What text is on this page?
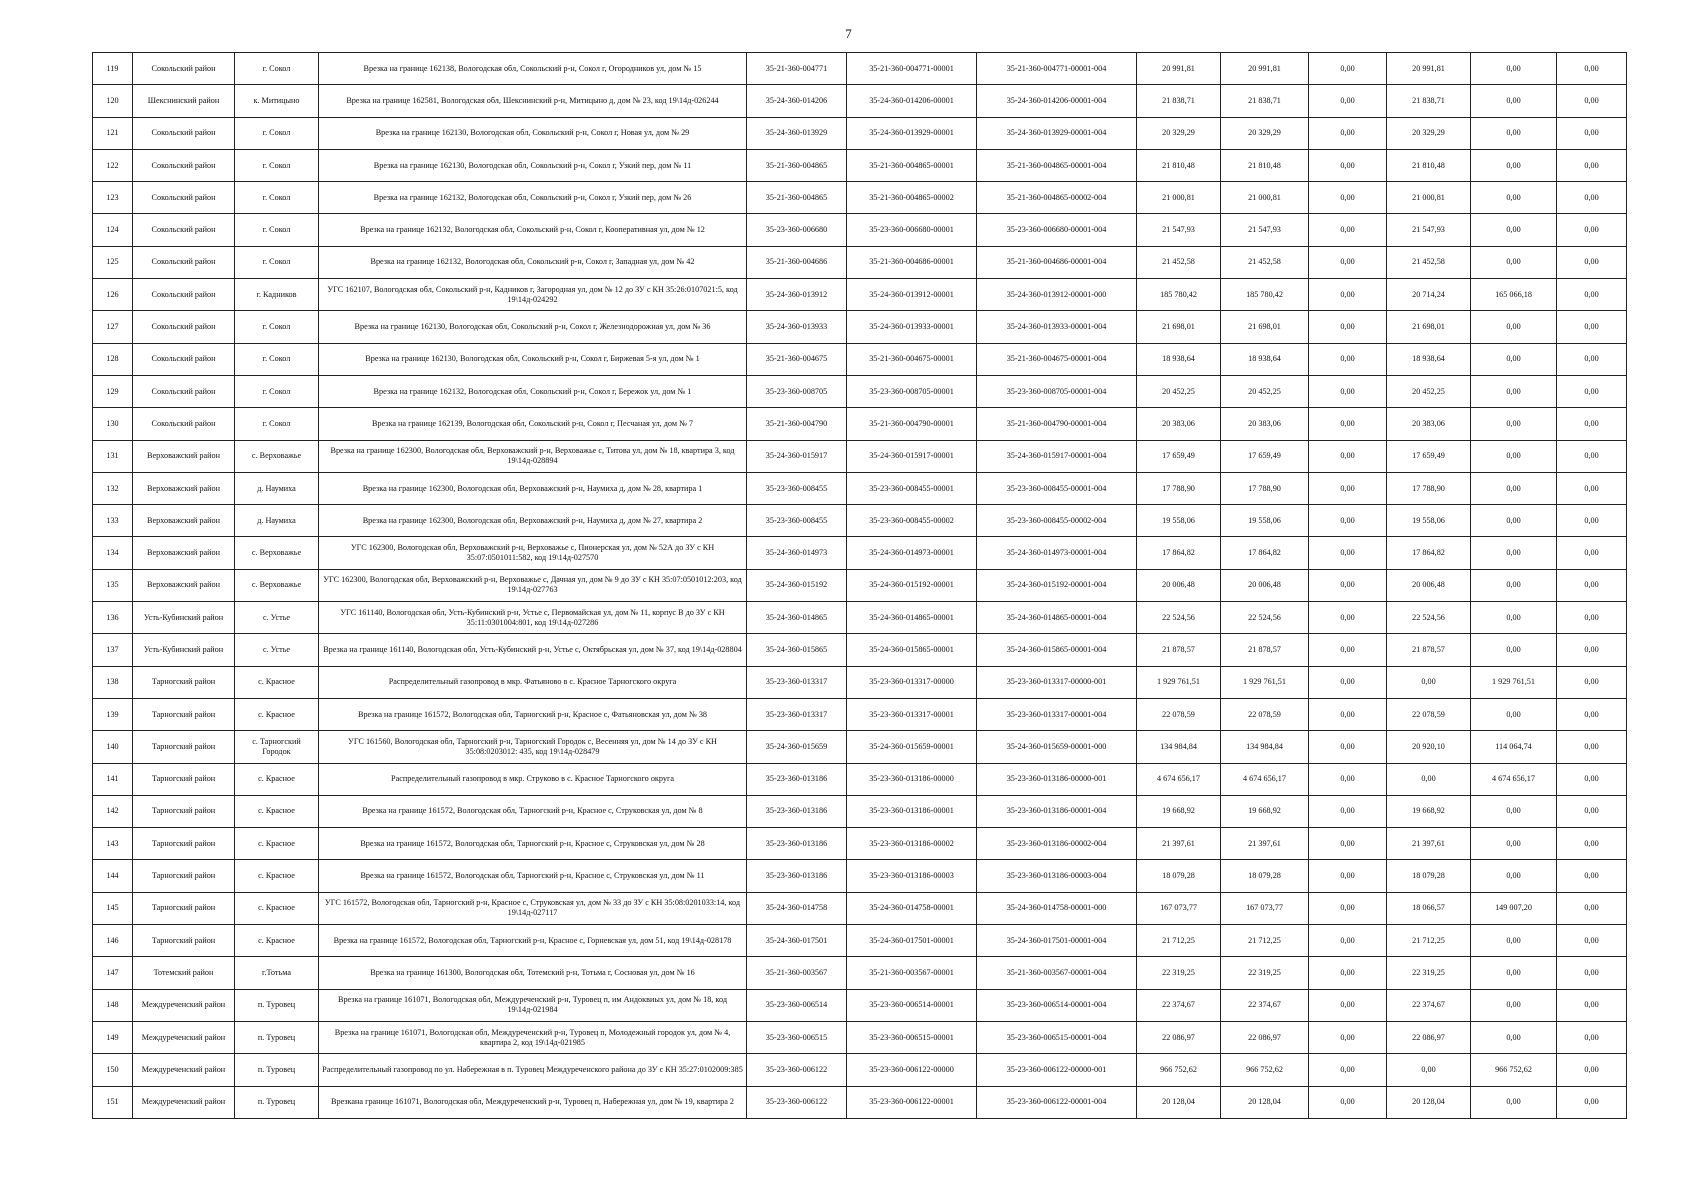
7
119	Сокольский район	г. Сокол	Врезка на границе 162138, Вологодская обл, Сокольский р-н, Сокол г, Огородников ул, дом № 15	35-21-360-004771	35-21-360-004771-00001	35-21-360-004771-00001-004	20 991,81	20 991,81	0,00	20 991,81	0,00	0,00
120	Шекснинский район	к. Митицыно	Врезка на границе 162581, Вологодская обл, Шекснинский р-н, Митицыно д, дом № 23, код 19\14д-026244	35-24-360-014206	35-24-360-014206-00001	35-24-360-014206-00001-004	21 838,71	21 838,71	0,00	21 838,71	0,00	0,00
121	Сокольский район	г. Сокол	Врезка на границе 162130, Вологодская обл, Сокольский р-н, Сокол г, Новая ул, дом № 29	35-24-360-013929	35-24-360-013929-00001	35-24-360-013929-00001-004	20 329,29	20 329,29	0,00	20 329,29	0,00	0,00
122	Сокольский район	г. Сокол	Врезка на границе 162130, Вологодская обл, Сокольский р-н, Сокол г, Узкий пер, дом № 11	35-21-360-004865	35-21-360-004865-00001	35-21-360-004865-00001-004	21 810,48	21 810,48	0,00	21 810,48	0,00	0,00
123	Сокольский район	г. Сокол	Врезка на границе 162132, Вологодская обл, Сокольский р-н, Сокол г, Узкий пер, дом № 26	35-21-360-004865	35-21-360-004865-00002	35-21-360-004865-00002-004	21 000,81	21 000,81	0,00	21 000,81	0,00	0,00
124	Сокольский район	г. Сокол	Врезка на границе 162132, Вологодская обл, Сокольский р-н, Сокол г, Кооперативная ул, дом № 12	35-23-360-006680	35-23-360-006680-00001	35-23-360-006680-00001-004	21 547,93	21 547,93	0,00	21 547,93	0,00	0,00
125	Сокольский район	г. Сокол	Врезка на границе 162132, Вологодская обл, Сокольский р-н, Сокол г, Западная ул, дом № 42	35-21-360-004686	35-21-360-004686-00001	35-21-360-004686-00001-004	21 452,58	21 452,58	0,00	21 452,58	0,00	0,00
126	Сокольский район	г. Кадников	УГС 162107, Вологодская обл, Сокольский р-н, Кадников г, Загородная ул, дом № 12 до ЗУ с КН 35:26:0107021:5, код 19\14д-024292	35-24-360-013912	35-24-360-013912-00001	35-24-360-013912-00001-000	185 780,42	185 780,42	0,00	20 714,24	165 066,18	0,00
127	Сокольский район	г. Сокол	Врезка на границе 162130, Вологодская обл, Сокольский р-н, Сокол г, Железнодорожная ул, дом № 36	35-24-360-013933	35-24-360-013933-00001	35-24-360-013933-00001-004	21 698,01	21 698,01	0,00	21 698,01	0,00	0,00
128	Сокольский район	г. Сокол	Врезка на границе 162130, Вологодская обл, Сокольский р-н, Сокол г, Биржевая 5-я ул, дом № 1	35-21-360-004675	35-21-360-004675-00001	35-21-360-004675-00001-004	18 938,64	18 938,64	0,00	18 938,64	0,00	0,00
129	Сокольский район	г. Сокол	Врезка на границе 162132, Вологодская обл, Сокольский р-н, Сокол г, Бережок ул, дом № 1	35-23-360-008705	35-23-360-008705-00001	35-23-360-008705-00001-004	20 452,25	20 452,25	0,00	20 452,25	0,00	0,00
130	Сокольский район	г. Сокол	Врезка на границе 162139, Вологодская обл, Сокольский р-н, Сокол г, Песчаная ул, дом № 7	35-21-360-004790	35-21-360-004790-00001	35-21-360-004790-00001-004	20 383,06	20 383,06	0,00	20 383,06	0,00	0,00
131	Верховажский район	с. Верховажье	Врезка на границе 162300, Вологодская обл, Верховажский р-н, Верховажье с, Титова ул, дом № 18, квартира 3, код 19\14д-028894	35-24-360-015917	35-24-360-015917-00001	35-24-360-015917-00001-004	17 659,49	17 659,49	0,00	17 659,49	0,00	0,00
132	Верховажский район	д. Наумиха	Врезка на границе 162300, Вологодская обл, Верховажский р-н, Наумиха д, дом № 28, квартира 1	35-23-360-008455	35-23-360-008455-00001	35-23-360-008455-00001-004	17 788,90	17 788,90	0,00	17 788,90	0,00	0,00
133	Верховажский район	д. Наумиха	Врезка на границе 162300, Вологодская обл, Верховажский р-н, Наумиха д, дом № 27, квартира 2	35-23-360-008455	35-23-360-008455-00002	35-23-360-008455-00002-004	19 558,06	19 558,06	0,00	19 558,06	0,00	0,00
134	Верховажский район	с. Верховажье	УГС 162300, Вологодская обл, Верховажский р-н, Верховажье с, Пионерская ул, дом № 52А до ЗУ с КН 35:07:0501011:582, код 19\14д-027570	35-24-360-014973	35-24-360-014973-00001	35-24-360-014973-00001-004	17 864,82	17 864,82	0,00	17 864,82	0,00	0,00
135	Верховажский район	с. Верховажье	УГС 162300, Вологодская обл, Верховажский р-н, Верховажье с, Дачная ул, дом № 9 до ЗУ с КН 35:07:0501012:203, код 19\14д-027763	35-24-360-015192	35-24-360-015192-00001	35-24-360-015192-00001-004	20 006,48	20 006,48	0,00	20 006,48	0,00	0,00
136	Усть-Кубинский район	с. Устье	УГС 161140, Вологодская обл, Усть-Кубинский р-н, Устье с, Первомайская ул, дом № 11, корпус В до ЗУ с КН 35:11:0301004:801, код 19\14д-027286	35-24-360-014865	35-24-360-014865-00001	35-24-360-014865-00001-004	22 524,56	22 524,56	0,00	22 524,56	0,00	0,00
137	Усть-Кубинский район	с. Устье	Врезка на границе 161140, Вологодская обл, Усть-Кубинский р-н, Устье с, Октябрьская ул, дом № 37, код 19\14д-028804	35-24-360-015865	35-24-360-015865-00001	35-24-360-015865-00001-004	21 878,57	21 878,57	0,00	21 878,57	0,00	0,00
138	Тарногский район	с. Красное	Распределительный газопровод в мкр. Фатьяново в с. Красное Тарногского округа	35-23-360-013317	35-23-360-013317-00000	35-23-360-013317-00000-001	1 929 761,51	1 929 761,51	0,00	0,00	1 929 761,51	0,00
139	Тарногский район	с. Красное	Врезка на границе 161572, Вологодская обл, Тарногский р-н, Красное с, Фатьяновская ул, дом № 38	35-23-360-013317	35-23-360-013317-00001	35-23-360-013317-00001-004	22 078,59	22 078,59	0,00	22 078,59	0,00	0,00
140	Тарногский район	с. Тарногский Городок	УГС 161560, Вологодская обл, Тарногский р-н, Тарногский Городок с, Весенняя ул, дом № 14 до ЗУ с КН 35:08:0203012: 435, код 19\14д-028479	35-24-360-015659	35-24-360-015659-00001	35-24-360-015659-00001-000	134 984,84	134 984,84	0,00	20 920,10	114 064,74	0,00
141	Тарногский район	с. Красное	Распределительный газопровод в мкр. Струково в с. Красное Тарногского округа	35-23-360-013186	35-23-360-013186-00000	35-23-360-013186-00000-001	4 674 656,17	4 674 656,17	0,00	0,00	4 674 656,17	0,00
142	Тарногский район	с. Красное	Врезка на границе 161572, Вологодская обл, Тарногский р-н, Красное с, Струковская ул, дом № 8	35-23-360-013186	35-23-360-013186-00001	35-23-360-013186-00001-004	19 668,92	19 668,92	0,00	19 668,92	0,00	0,00
143	Тарногский район	с. Красное	Врезка на границе 161572, Вологодская обл, Тарногский р-н, Красное с, Струковская ул, дом № 28	35-23-360-013186	35-23-360-013186-00002	35-23-360-013186-00002-004	21 397,61	21 397,61	0,00	21 397,61	0,00	0,00
144	Тарногский район	с. Красное	Врезка на границе 161572, Вологодская обл, Тарногский р-н, Красное с, Струковская ул, дом № 11	35-23-360-013186	35-23-360-013186-00003	35-23-360-013186-00003-004	18 079,28	18 079,28	0,00	18 079,28	0,00	0,00
145	Тарногский район	с. Красное	УГС 161572, Вологодская обл, Тарногский р-н, Красное с, Струковская ул, дом № 33 до ЗУ с КН 35:08:0201033:14, код 19\14д-027117	35-24-360-014758	35-24-360-014758-00001	35-24-360-014758-00001-000	167 073,77	167 073,77	0,00	18 066,57	149 007,20	0,00
146	Тарногский район	с. Красное	Врезка на границе 161572, Вологодская обл, Тарногский р-н, Красное с, Горневская ул, дом 51, код 19\14д-028178	35-24-360-017501	35-24-360-017501-00001	35-24-360-017501-00001-004	21 712,25	21 712,25	0,00	21 712,25	0,00	0,00
147	Тотемский район	г.Тотьма	Врезка на границе 161300, Вологодская обл, Тотемский р-н, Тотьма г, Сосновая ул, дом № 16	35-21-360-003567	35-21-360-003567-00001	35-21-360-003567-00001-004	22 319,25	22 319,25	0,00	22 319,25	0,00	0,00
148	Междуреченский район	п. Туровец	Врезка на границе 161071, Вологодская обл, Междуреченский р-н, Туровец п, им Андоквиых ул, дом № 18, код 19\14д-021984	35-23-360-006514	35-23-360-006514-00001	35-23-360-006514-00001-004	22 374,67	22 374,67	0,00	22 374,67	0,00	0,00
149	Междуреченский район	п. Туровец	Врезка на границе 161071, Вологодская обл, Междуреченский р-н, Туровец п, Молодежный городок ул, дом № 4, квартира 2, код 19\14д-021985	35-23-360-006515	35-23-360-006515-00001	35-23-360-006515-00001-004	22 086,97	22 086,97	0,00	22 086,97	0,00	0,00
150	Междуреченский район	п. Туровец	Распределительный газопровод по ул. Набережная в п. Туровец Междуреченского района до ЗУ с КН 35:27:0102009:385	35-23-360-006122	35-23-360-006122-00000	35-23-360-006122-00000-001	966 752,62	966 752,62	0,00	0,00	966 752,62	0,00
151	Междуреченский район	п. Туровец	Врезкана границе 161071, Вологодская обл, Междуреченский р-н, Туровец п, Набережная ул, дом № 19, квартира 2	35-23-360-006122	35-23-360-006122-00001	35-23-360-006122-00001-004	20 128,04	20 128,04	0,00	20 128,04	0,00	0,00
